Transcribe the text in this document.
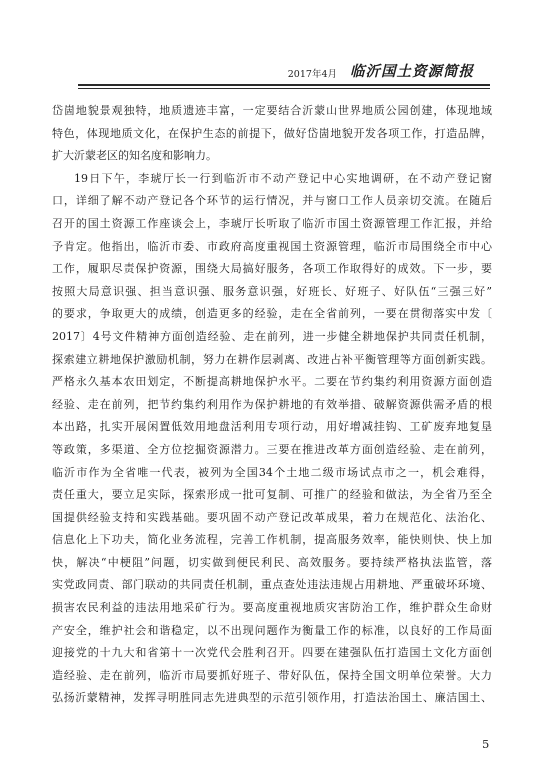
2017年4月 临沂国土资源简报
岱崮地貌景观独特，地质遗迹丰富，一定要结合沂蒙山世界地质公园创建，体现地域
特色，体现地质文化，在保护生态的前提下，做好岱崮地貌开发各项工作，打造品牌，
扩大沂蒙老区的知名度和影响力。
19日下午，李琥厅长一行到临沂市不动产登记中心实地调研，在不动产登记窗
口，详细了解不动产登记各个环节的运行情况，并与窗口工作人员亲切交流。在随后
召开的国土资源工作座谈会上，李琥厅长听取了临沂市国土资源管理工作汇报，并给
予肯定。他指出，临沂市委、市政府高度重视国土资源管理，临沂市局围绕全市中心
工作，履职尽责保护资源，围绕大局搞好服务，各项工作取得好的成效。下一步，要
按照大局意识强、担当意识强、服务意识强，好班长、好班子、好队伍“三强三好”
的要求，争取更大的成绩，创造更多的经验，走在全省前列，一要在贯彻落实中发〔
2017〕4号文件精神方面创造经验、走在前列，进一步健全耕地保护共同责任机制，
探索建立耕地保护激励机制，努力在耕作层剥离、改进占补平衡管理等方面创新实践。
严格永久基本农田划定，不断提高耕地保护水平。二要在节约集约利用资源方面创造
经验、走在前列，把节约集约利用作为保护耕地的有效举措、破解资源供需矛盾的根
本出路，扎实开展闲置低效用地盘活利用专项行动，用好增减挂钩、工矿废弃地复垦
等政策，多渠道、全方位挖掘资源潜力。三要在推进改革方面创造经验、走在前列，
临沂市作为全省唯一代表，被列为全国34个土地二级市场试点市之一，机会难得，
责任重大，要立足实际，探索形成一批可复制、可推广的经验和做法，为全省乃至全
国提供经验支持和实践基础。要巩固不动产登记改革成果，着力在规范化、法治化、
信息化上下功夫，简化业务流程，完善工作机制，提高服务效率，能快则快、快上加
快，解决“中梗阻”问题，切实做到便民利民、高效服务。要持续严格执法监管，落
实党政同责、部门联动的共同责任机制，重点查处违法违规占用耕地、严重破坏环境、
损害农民利益的违法用地采矿行为。要高度重视地质灾害防治工作，维护群众生命财
产安全，维护社会和谐稳定，以不出现问题作为衡量工作的标准，以良好的工作局面
迎接党的十九大和省第十一次党代会胜利召开。四要在建强队伍打造国土文化方面创
造经验、走在前列，临沂市局要抓好班子、带好队伍，保持全国文明单位荣誉。大力
弘扬沂蒙精神，发挥寻明胜同志先进典型的示范引领作用，打造法治国土、廉洁国土、
5
